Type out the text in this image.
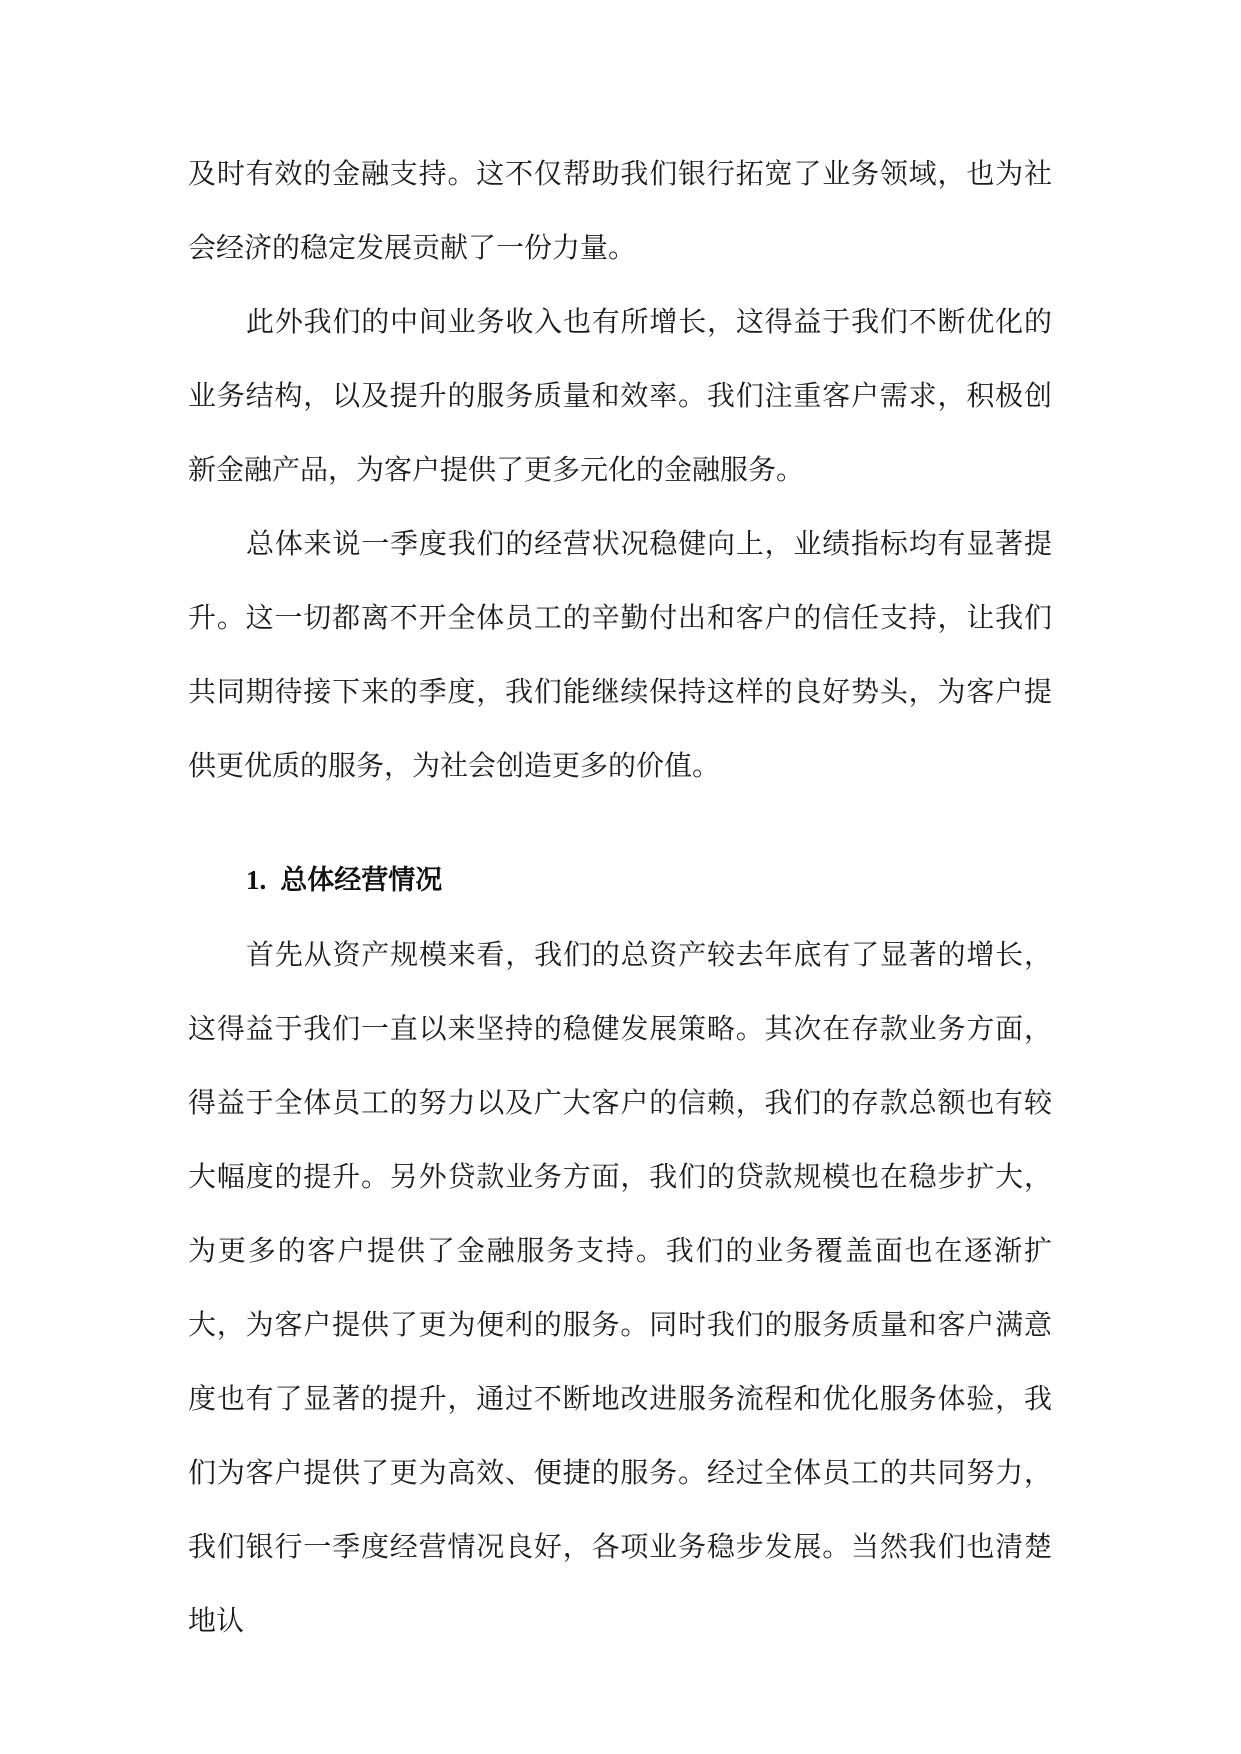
及时有效的金融支持。这不仅帮助我们银行拓宽了业务领域，也为社会经济的稳定发展贡献了一份力量。

此外我们的中间业务收入也有所增长，这得益于我们不断优化的业务结构，以及提升的服务质量和效率。我们注重客户需求，积极创新金融产品，为客户提供了更多元化的金融服务。

总体来说一季度我们的经营状况稳健向上，业绩指标均有显著提升。这一切都离不开全体员工的辛勤付出和客户的信任支持，让我们共同期待接下来的季度，我们能继续保持这样的良好势头，为客户提供更优质的服务，为社会创造更多的价值。

1. 总体经营情况

首先从资产规模来看，我们的总资产较去年底有了显著的增长，这得益于我们一直以来坚持的稳健发展策略。其次在存款业务方面，得益于全体员工的努力以及广大客户的信赖，我们的存款总额也有较大幅度的提升。另外贷款业务方面，我们的贷款规模也在稳步扩大，为更多的客户提供了金融服务支持。我们的业务覆盖面也在逐渐扩大，为客户提供了更为便利的服务。同时我们的服务质量和客户满意度也有了显著的提升，通过不断地改进服务流程和优化服务体验，我们为客户提供了更为高效、便捷的服务。经过全体员工的共同努力，我们银行一季度经营情况良好，各项业务稳步发展。当然我们也清楚地认
